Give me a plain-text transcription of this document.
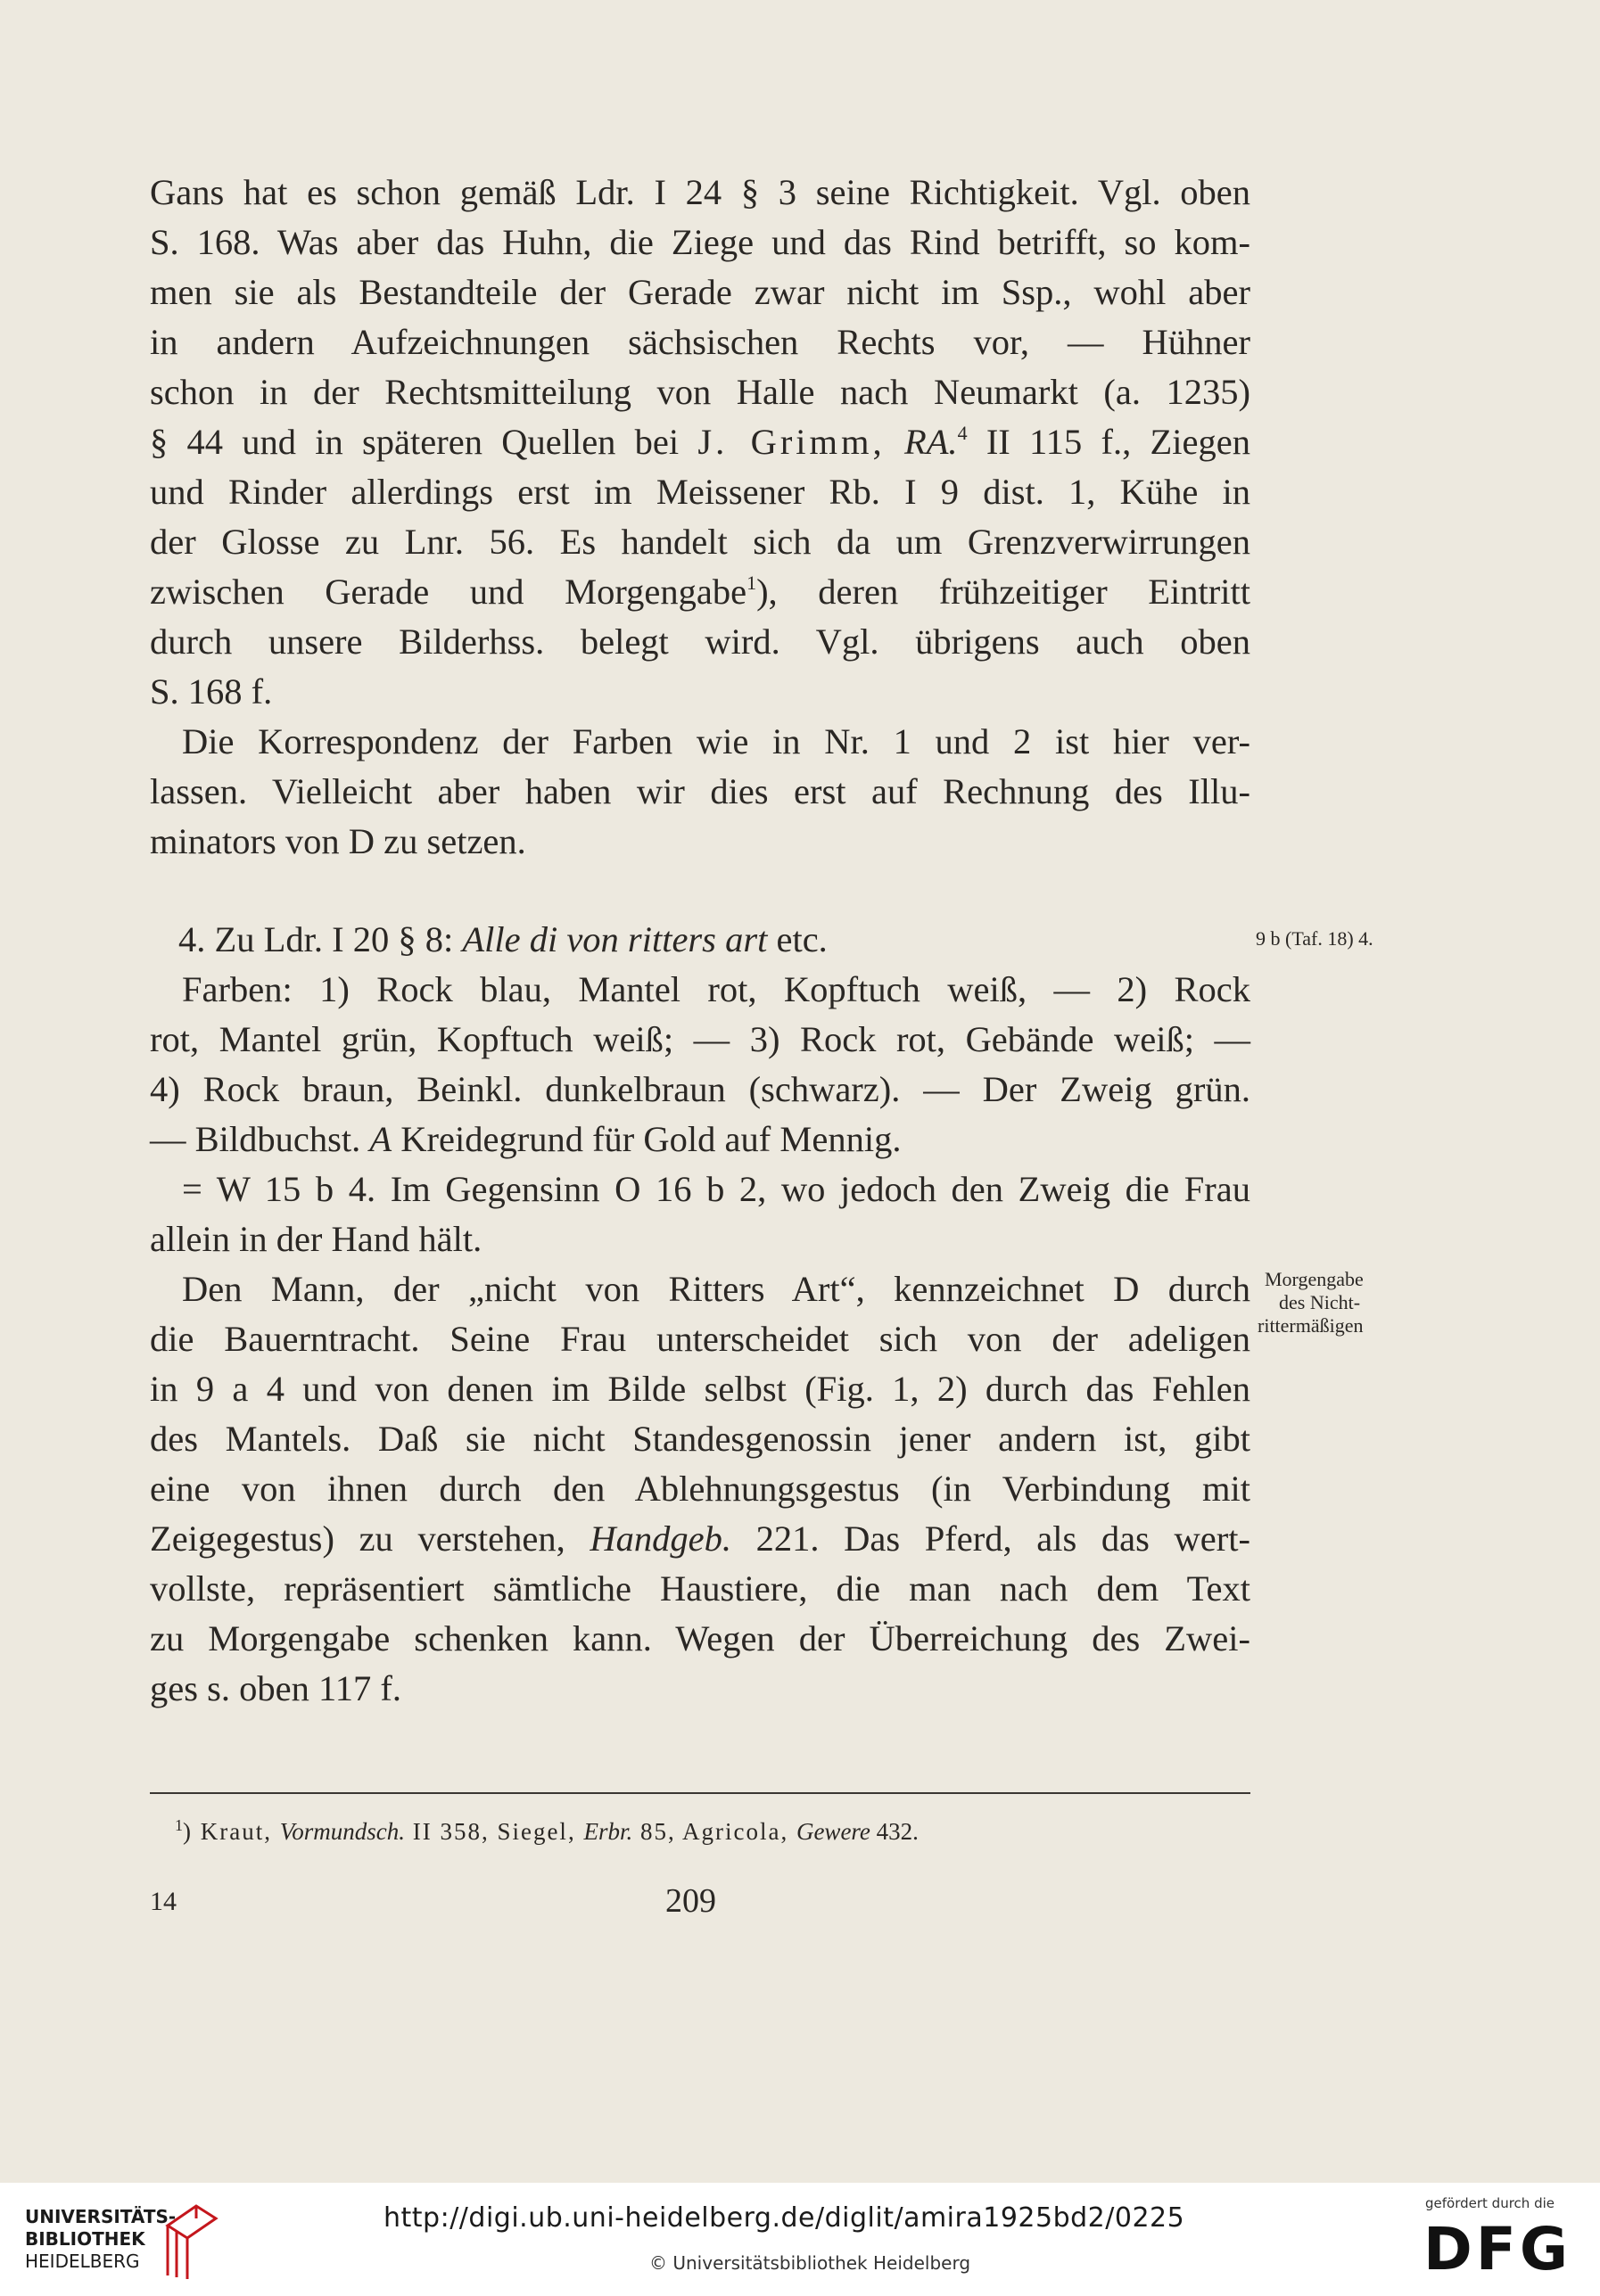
Gans hat es schon gemäß Ldr. I 24 § 3 seine Richtigkeit. Vgl. oben
S. 168. Was aber das Huhn, die Ziege und das Rind betrifft, so kom-
men sie als Bestandteile der Gerade zwar nicht im Ssp., wohl aber
in andern Aufzeichnungen sächsischen Rechts vor, — Hühner
schon in der Rechtsmitteilung von Halle nach Neumarkt (a. 1235)
§ 44 und in späteren Quellen bei J. Grimm, RA.$^4$ II 115 f., Ziegen
und Rinder allerdings erst im Meissener Rb. I 9 dist. 1, Kühe in
der Glosse zu Lnr. 56. Es handelt sich da um Grenzverwirrungen
zwischen Gerade und Morgengabe$^1$), deren frühzeitiger Eintritt
durch unsere Bilderhss. belegt wird. Vgl. übrigens auch oben
S. 168 f.
Die Korrespondenz der Farben wie in Nr. 1 und 2 ist hier ver-
lassen. Vielleicht aber haben wir dies erst auf Rechnung des Illu-
minators von D zu setzen.
4. Zu Ldr. I 20 § 8: Alle di von ritters art etc.	9 b (Taf. 18) 4.
Farben: 1) Rock blau, Mantel rot, Kopftuch weiß, — 2) Rock
rot, Mantel grün, Kopftuch weiß; — 3) Rock rot, Gebände weiß; —
4) Rock braun, Beinkl. dunkelbraun (schwarz). — Der Zweig grün.
— Bildbuchst. A Kreidegrund für Gold auf Mennig.
= W 15 b 4. Im Gegensinn O 16 b 2, wo jedoch den Zweig die Frau
allein in der Hand hält.
Morgengabe
des Nicht-
rittermäßigen
Den Mann, der „nicht von Ritters Art“, kennzeichnet D durch
die Bauerntracht. Seine Frau unterscheidet sich von der adeligen
in 9 a 4 und von denen im Bilde selbst (Fig. 1, 2) durch das Fehlen
des Mantels. Daß sie nicht Standesgenossin jener andern ist, gibt
eine von ihnen durch den Ablehnungsgestus (in Verbindung mit
Zeigegestus) zu verstehen, Handgeb. 221. Das Pferd, als das wert-
vollste, repräsentiert sämtliche Haustiere, die man nach dem Text
zu Morgengabe schenken kann. Wegen der Überreichung des Zwei-
ges s. oben 117 f.
$^1$) Kraut, Vormundsch. II 358, Siegel, Erbr. 85, Agricola, Gewere 432.
14	209
UNIVERSITÄTS-
BIBLIOTHEK
HEIDELBERG
http://digi.ub.uni-heidelberg.de/diglit/amira1925bd2/0225
© Universitätsbibliothek Heidelberg
gefördert durch die
DFG
